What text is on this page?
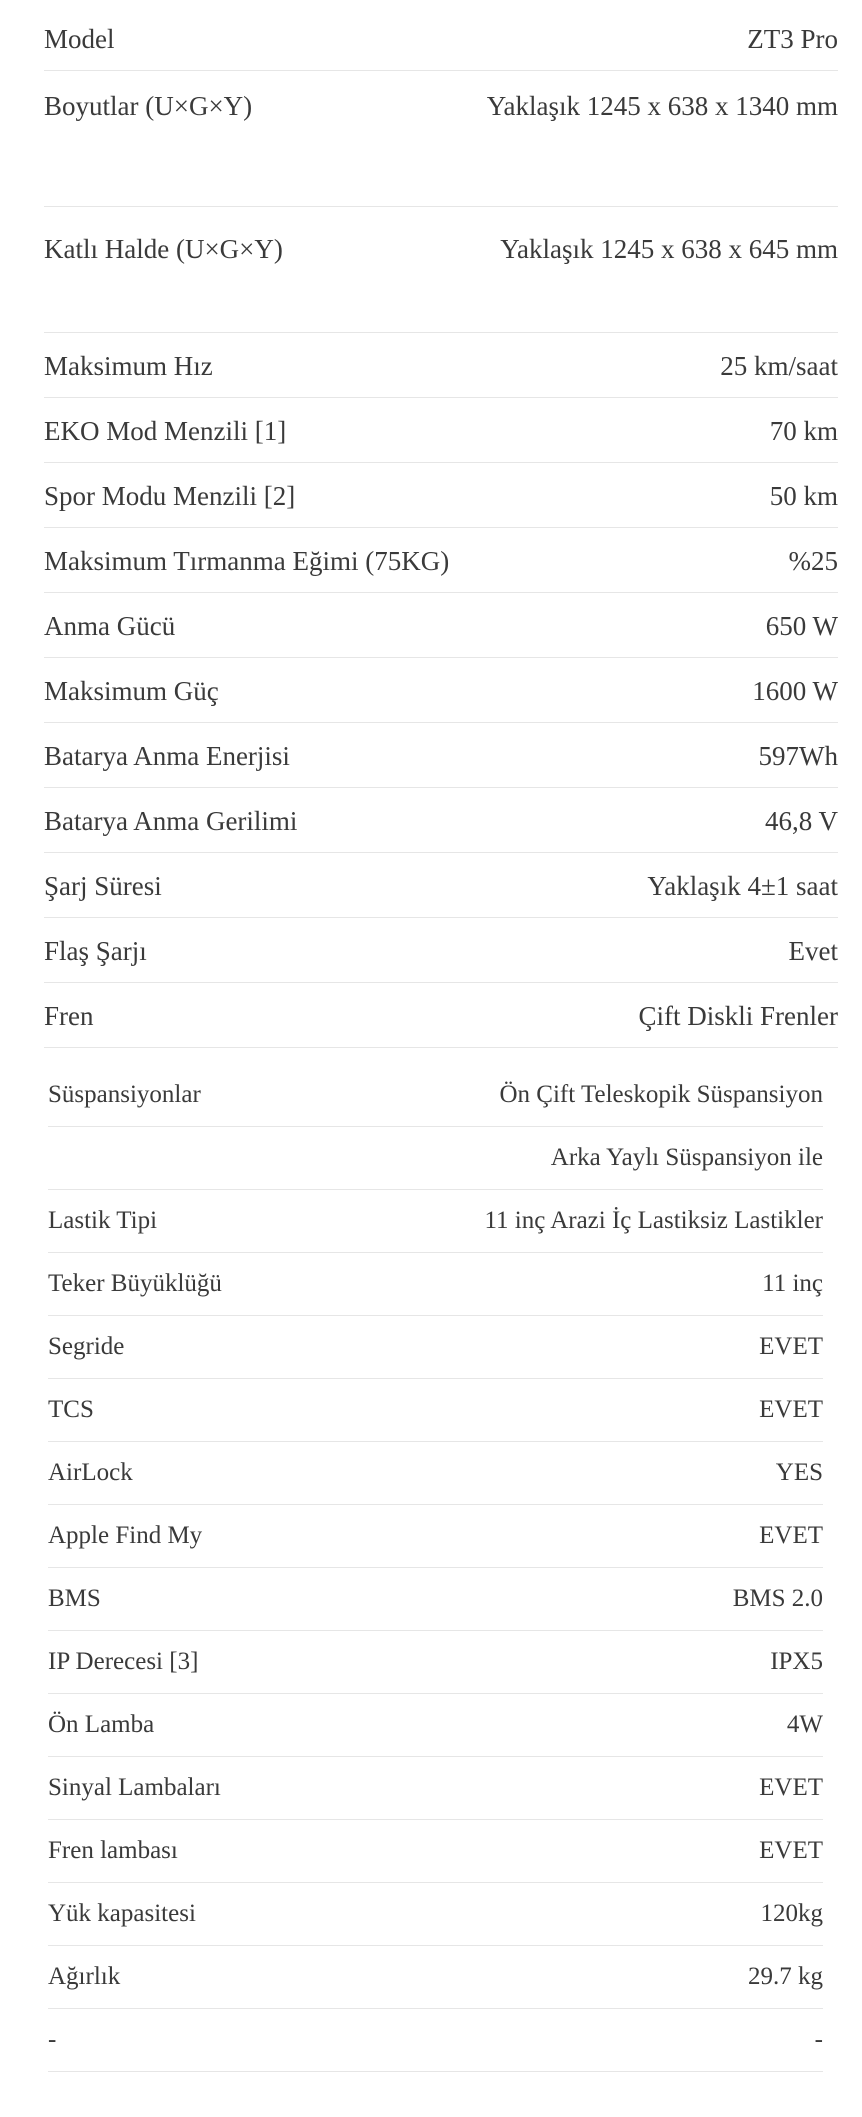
Model	ZT3 Pro
Boyutlar (U×G×Y)	Yaklaşık 1245 x 638 x 1340 mm
Katlı Halde (U×G×Y)	Yaklaşık 1245 x 638 x 645 mm
Maksimum Hız	25 km/saat
EKO Mod Menzili [1]	70 km
Spor Modu Menzili [2]	50 km
Maksimum Tırmanma Eğimi (75KG)	%25
Anma Gücü	650 W
Maksimum Güç	1600 W
Batarya Anma Enerjisi	597Wh
Batarya Anma Gerilimi	46,8 V
Şarj Süresi	Yaklaşık 4±1 saat
Flaş Şarjı	Evet
Fren	Çift Diskli Frenler
Süspansiyonlar	Ön Çift Teleskopik Süspansiyon
Arka Yaylı Süspansiyon ile
Lastik Tipi	11 inç Arazi İç Lastiksiz Lastikler
Teker Büyüklüğü	11 inç
Segride	EVET
TCS	EVET
AirLock	YES
Apple Find My	EVET
BMS	BMS 2.0
IP Derecesi [3]	IPX5
Ön Lamba	4W
Sinyal Lambaları	EVET
Fren lambası	EVET
Yük kapasitesi	120kg
Ağırlık	29.7 kg
-	-
